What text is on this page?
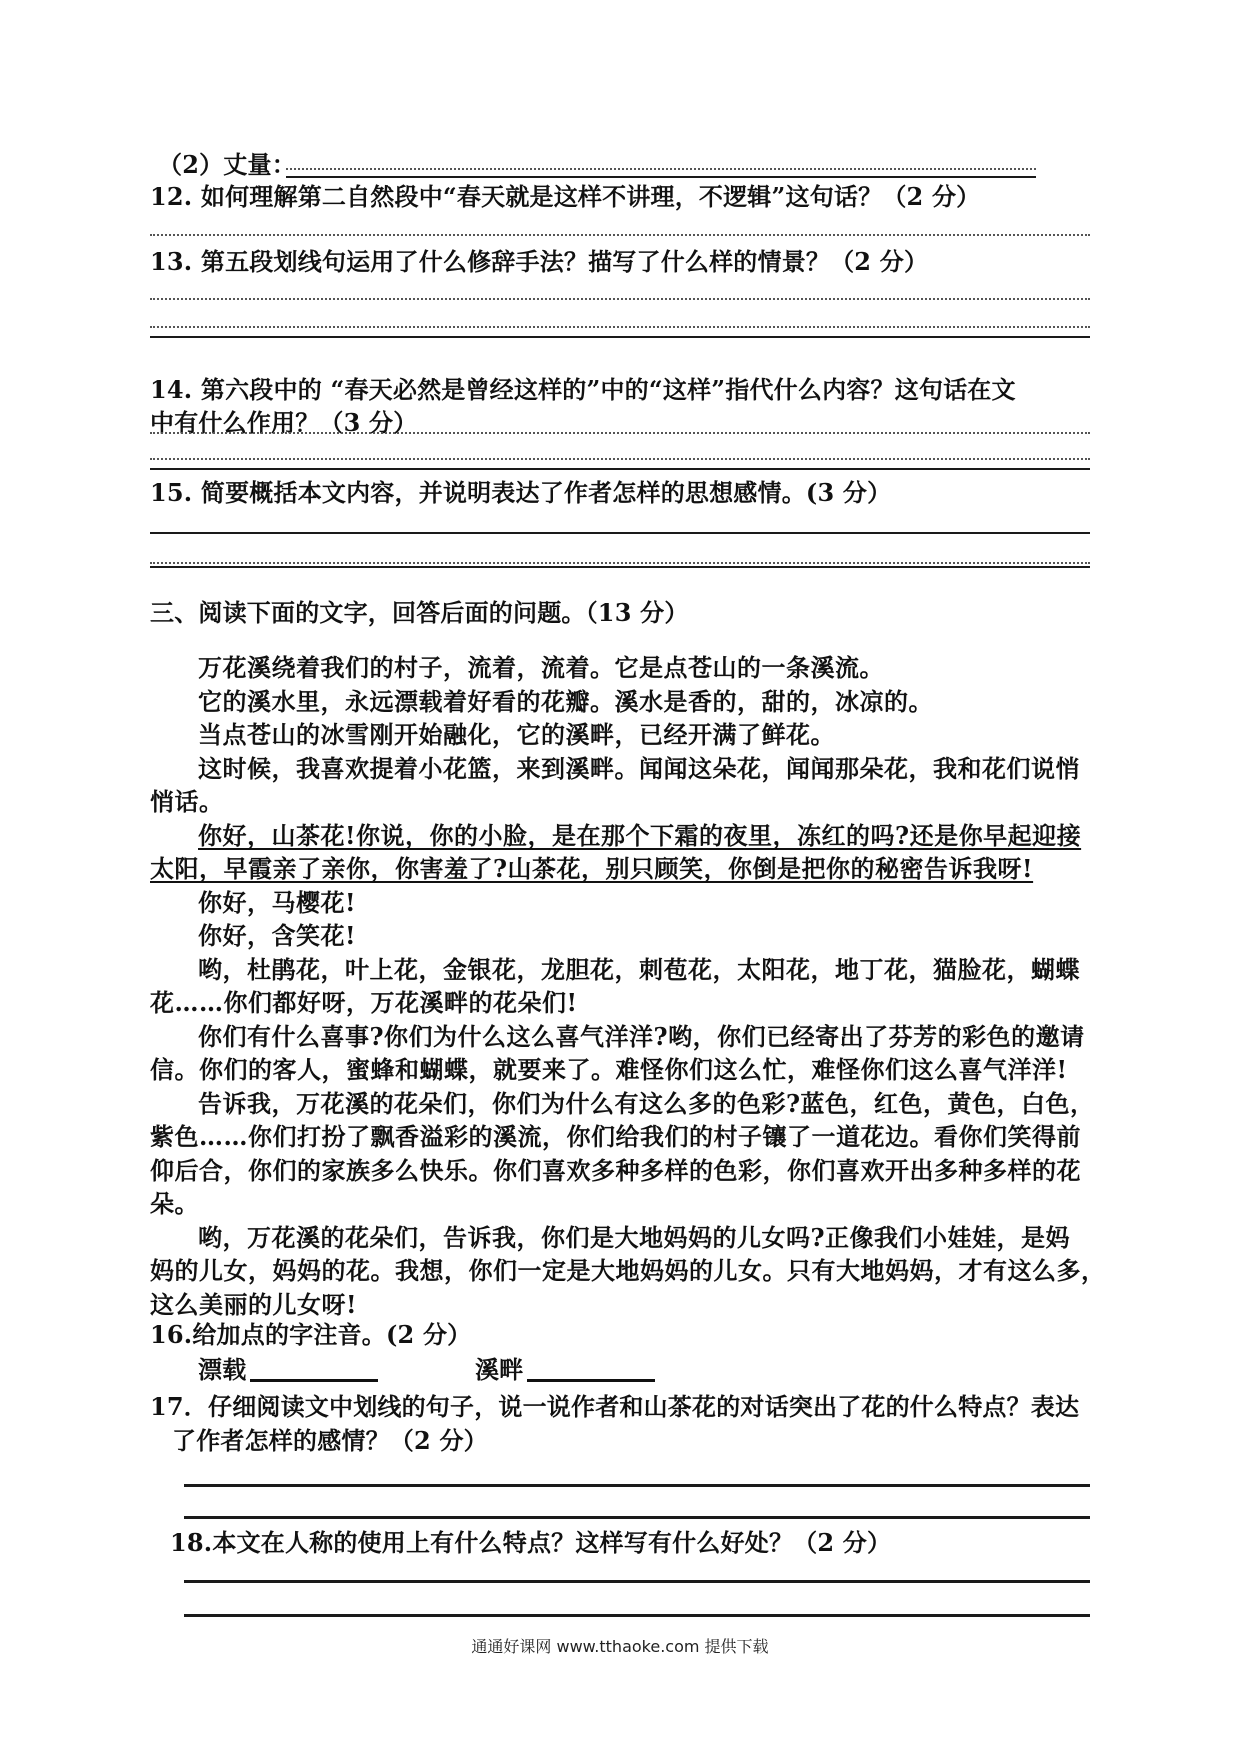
（2）丈量：
12. 如何理解第二自然段中“春天就是这样不讲理，不逻辑”这句话？（2 分）
13. 第五段划线句运用了什么修辞手法？描写了什么样的情景？（2 分）
14. 第六段中的 “春天必然是曾经这样的”中的“这样”指代什么内容？这句话在文
中有什么作用？（3 分）
15. 简要概括本文内容，并说明表达了作者怎样的思想感情。(3 分）
三、阅读下面的文字，回答后面的问题。（13 分）
万花溪绕着我们的村子，流着，流着。它是点苍山的一条溪流。
它的溪水里，永远漂载着好看的花瓣。溪水是香的，甜的，冰凉的。
当点苍山的冰雪刚开始融化，它的溪畔，已经开满了鲜花。
这时候，我喜欢提着小花篮，来到溪畔。闻闻这朵花，闻闻那朵花，我和花们说悄
悄话。
你好，山茶花!你说，你的小脸，是在那个下霜的夜里，冻红的吗?还是你早起迎接
太阳，早霞亲了亲你，你害羞了?山茶花，别只顾笑，你倒是把你的秘密告诉我呀!
你好，马樱花!
你好，含笑花!
哟，杜鹃花，叶上花，金银花，龙胆花，刺苞花，太阳花，地丁花，猫脸花，蝴蝶
花……你们都好呀，万花溪畔的花朵们!
你们有什么喜事?你们为什么这么喜气洋洋?哟，你们已经寄出了芬芳的彩色的邀请
信。你们的客人，蜜蜂和蝴蝶，就要来了。难怪你们这么忙，难怪你们这么喜气洋洋!
告诉我，万花溪的花朵们，你们为什么有这么多的色彩?蓝色，红色，黄色，白色，
紫色……你们打扮了飘香溢彩的溪流，你们给我们的村子镶了一道花边。看你们笑得前
仰后合，你们的家族多么快乐。你们喜欢多种多样的色彩，你们喜欢开出多种多样的花
朵。
哟，万花溪的花朵们，告诉我，你们是大地妈妈的儿女吗?正像我们小娃娃，是妈
妈的儿女，妈妈的花。我想，你们一定是大地妈妈的儿女。只有大地妈妈，才有这么多，
这么美丽的儿女呀!
16.给加点的字注音。(2 分）
漂载	溪畔
17．仔细阅读文中划线的句子，说一说作者和山茶花的对话突出了花的什么特点？表达
了作者怎样的感情？（2 分）
18.本文在人称的使用上有什么特点？这样写有什么好处？（2 分）
通通好课网 www.tthaoke.com 提供下载
